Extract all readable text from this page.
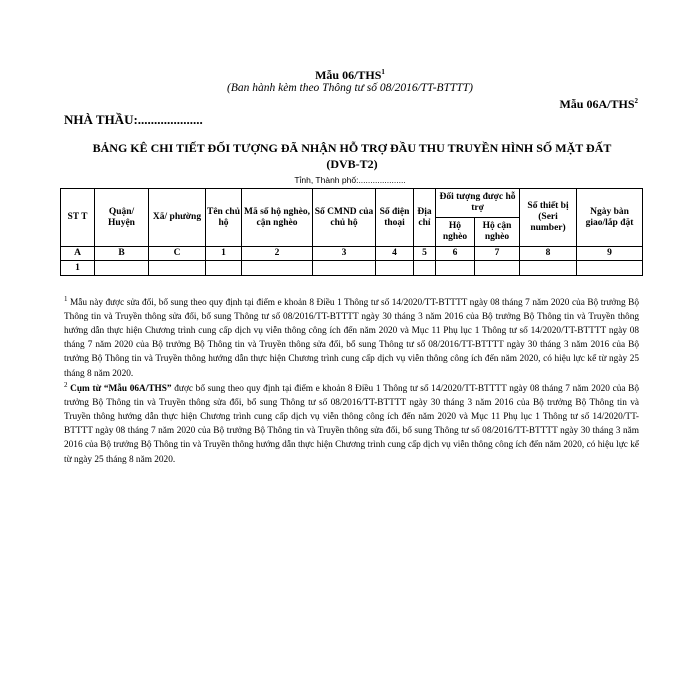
Mẫu 06/THS$^1$
(Ban hành kèm theo Thông tư số 08/2016/TT-BTTTT)
Mẫu 06A/THS$^2$
NHÀ THẦU:....................
BẢNG KÊ CHI TIẾT ĐỐI TƯỢNG ĐÃ NHẬN HỖ TRỢ ĐẦU THU TRUYỀN HÌNH SỐ MẶT ĐẤT
(DVB-T2)
Tỉnh, Thành phố:....................
ST T	Quận/ Huyện	Xã/ phường	Tên chủ hộ	Mã số hộ nghèo, cận nghèo	Số CMND của chủ hộ	Số điện thoại	Địa chỉ	Đối tượng được hỗ trợ		Số thiết bị (Seri number)	Ngày bàn giao/lắp đặt
								Hộ nghèo	Hộ cận nghèo		
A	B	C	1	2	3	4	5	6	7	8	9
1											
$^1$ Mẫu này được sửa đổi, bổ sung theo quy định tại điểm e khoản 8 Điều 1 Thông tư số 14/2020/TT-BTTTT ngày 08 tháng 7 năm 2020 của Bộ trưởng Bộ Thông tin và Truyền thông sửa đổi, bổ sung Thông tư số 08/2016/TT-BTTTT ngày 30 tháng 3 năm 2016 của Bộ trưởng Bộ Thông tin và Truyền thông hướng dẫn thực hiện Chương trình cung cấp dịch vụ viễn thông công ích đến năm 2020 và Mục 11 Phụ lục 1 Thông tư số 14/2020/TT-BTTTT ngày 08 tháng 7 năm 2020 của Bộ trưởng Bộ Thông tin và Truyền thông sửa đổi, bổ sung Thông tư số 08/2016/TT-BTTTT ngày 30 tháng 3 năm 2016 của Bộ trưởng Bộ Thông tin và Truyền thông hướng dẫn thực hiện Chương trình cung cấp dịch vụ viễn thông công ích đến năm 2020, có hiệu lực kể từ ngày 25 tháng 8 năm 2020.
$^2$ Cụm từ “Mẫu 06A/THS” được bổ sung theo quy định tại điểm e khoản 8 Điều 1 Thông tư số 14/2020/TT-BTTTT ngày 08 tháng 7 năm 2020 của Bộ trưởng Bộ Thông tin và Truyền thông sửa đổi, bổ sung Thông tư số 08/2016/TT-BTTTT ngày 30 tháng 3 năm 2016 của Bộ trưởng Bộ Thông tin và Truyền thông hướng dẫn thực hiện Chương trình cung cấp dịch vụ viễn thông công ích đến năm 2020 và Mục 11 Phụ lục 1 Thông tư số 14/2020/TT-BTTTT ngày 08 tháng 7 năm 2020 của Bộ trưởng Bộ Thông tin và Truyền thông sửa đổi, bổ sung Thông tư số 08/2016/TT-BTTTT ngày 30 tháng 3 năm 2016 của Bộ trưởng Bộ Thông tin và Truyền thông hướng dẫn thực hiện Chương trình cung cấp dịch vụ viễn thông công ích đến năm 2020, có hiệu lực kể từ ngày 25 tháng 8 năm 2020.
